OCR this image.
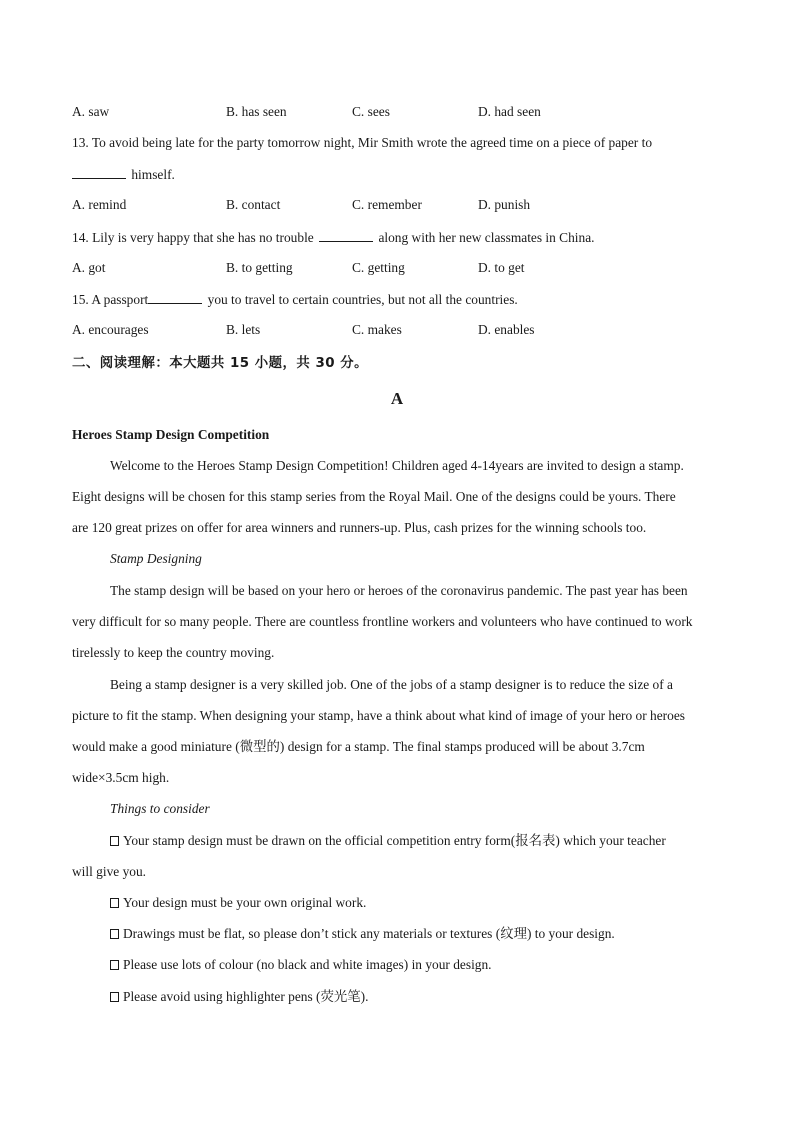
A. saw	B. has seen	C. sees	D. had seen
13. To avoid being late for the party tomorrow night, Mir Smith wrote the agreed time on a piece of paper to
himself.
A. remind	B. contact	C. remember	D. punish
14. Lily is very happy that she has no trouble	along with her new classmates in China.
A. got	B. to getting	C. getting	D. to get
15. A passport	you to travel to certain countries, but not all the countries.
A. encourages	B. lets	C. makes	D. enables
二、阅读理解：本大题共 15 小题，共 30 分。
A
Heroes Stamp Design Competition
Welcome to the Heroes Stamp Design Competition! Children aged 4-14years are invited to design a stamp.
Eight designs will be chosen for this stamp series from the Royal Mail. One of the designs could be yours. There
are 120 great prizes on offer for area winners and runners-up. Plus, cash prizes for the winning schools too.
Stamp Designing
The stamp design will be based on your hero or heroes of the coronavirus pandemic. The past year has been
very difficult for so many people. There are countless frontline workers and volunteers who have continued to work
tirelessly to keep the country moving.
Being a stamp designer is a very skilled job. One of the jobs of a stamp designer is to reduce the size of a
picture to fit the stamp. When designing your stamp, have a think about what kind of image of your hero or heroes
would make a good miniature (微型的) design for a stamp. The final stamps produced will be about 3.7cm
wide×3.5cm high.
Things to consider
Your stamp design must be drawn on the official competition entry form(报名表) which your teacher
will give you.
Your design must be your own original work.
Drawings must be flat, so please don’t stick any materials or textures (纹理) to your design.
Please use lots of colour (no black and white images) in your design.
Please avoid using highlighter pens (荧光笔).
